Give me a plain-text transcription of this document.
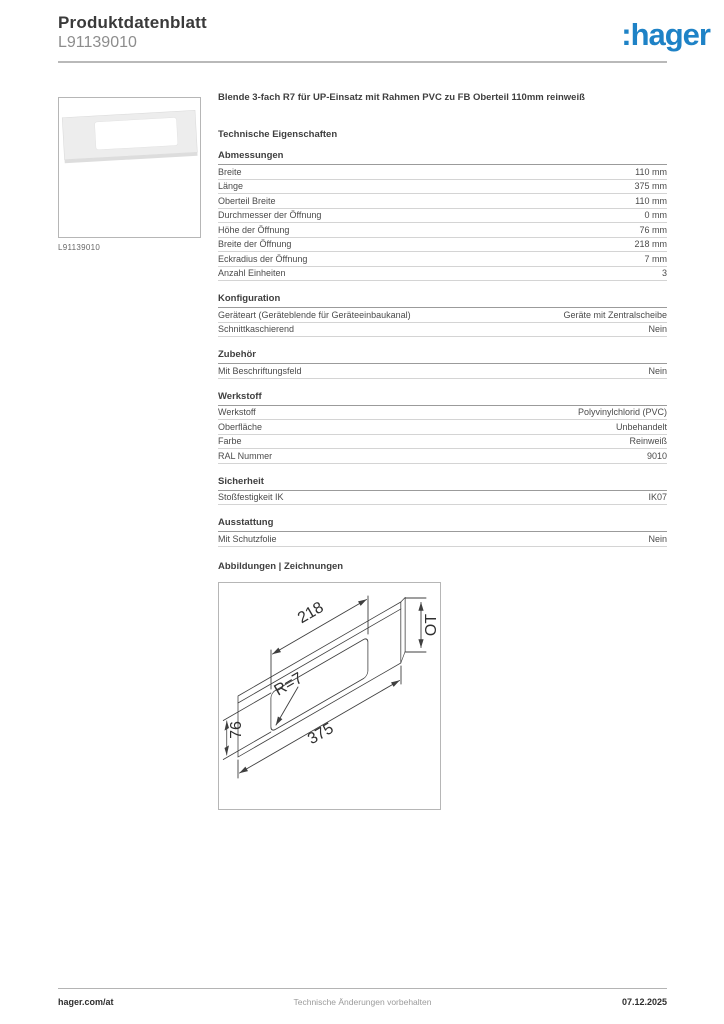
Produktdatenblatt
L91139010	:hager
L91139010

Blende 3-fach R7 für UP-Einsatz mit Rahmen PVC zu FB Oberteil 110mm reinweiß

Technische Eigenschaften
Abmessungen
Breite	110 mm
Länge	375 mm
Oberteil Breite	110 mm
Durchmesser der Öffnung	0 mm
Höhe der Öffnung	76 mm
Breite der Öffnung	218 mm
Eckradius der Öffnung	7 mm
Anzahl Einheiten	3
Konfiguration
Geräteart (Geräteblende für Geräteeinbaukanal)	Geräte mit Zentralscheibe
Schnittkaschierend	Nein
Zubehör
Mit Beschriftungsfeld	Nein
Werkstoff
Werkstoff	Polyvinylchlorid (PVC)
Oberfläche	Unbehandelt
Farbe	Reinweiß
RAL Nummer	9010
Sicherheit
Stoßfestigkeit IK	IK07
Ausstattung
Mit Schutzfolie	Nein
Abbildungen | Zeichnungen
218
76
R=7
375
OT
Technische Änderungen vorbehalten
hager.com/at	07.12.2025
